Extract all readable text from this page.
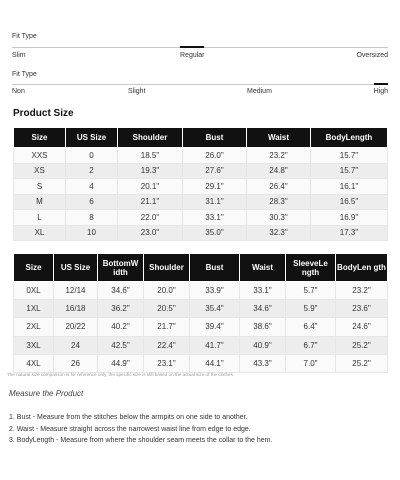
Fit Type
Slim	Regular	Oversized
Fit Type
Non	Slight	Medium	High
Product Size
Size	US Size	Shoulder	Bust	Waist	BodyLength
XXS	0	18.5"	26.0"	23.2"	15.7"
XS	2	19.3"	27.6"	24.8"	15.7"
S	4	20.1"	29.1"	26.4"	16.1"
M	6	21.1"	31.1"	28.3"	16.5"
L	8	22.0"	33.1"	30.3"	16.9"
XL	10	23.0"	35.0"	32.3"	17.3"
Size	US Size	BottomW idth	Shoulder	Bust	Waist	SleeveLe ngth	BodyLen gth
0XL	12/14	34.6"	20.0"	33.9"	33.1"	5.7"	23.2"
1XL	16/18	36.2"	20.5"	35.4"	34.6"	5.9"	23.6"
2XL	20/22	40.2"	21.7"	39.4"	38.6"	6.4"	24.6"
3XL	24	42.5"	22.4"	41.7"	40.9"	6.7"	25.2"
4XL	26	44.9"	23.1"	44.1"	43.3"	7.0"	25.2"
The natural size comparison is for reference only, the specific size is still based on the actual size of the clothes.
Measure the Product
1. Bust - Measure from the stitches below the armpits on one side to another.
2. Waist - Measure straight across the narrowest waist line from edge to edge.
3. BodyLength - Measure from where the shoulder seam meets the collar to the hem.
